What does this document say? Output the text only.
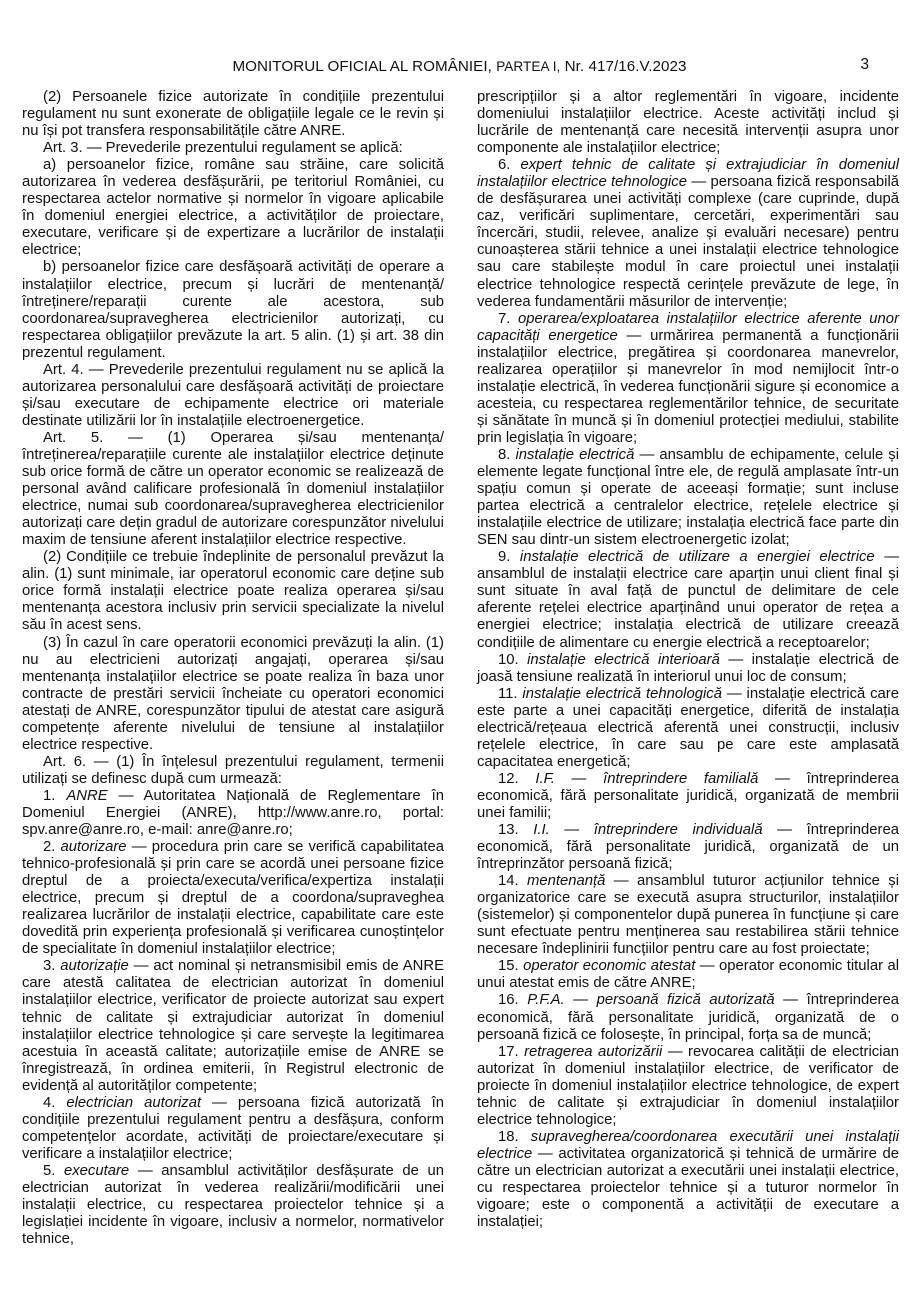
MONITORUL OFICIAL AL ROMÂNIEI, PARTEA I, Nr. 417/16.V.2023	3

(2) Persoanele fizice autorizate în condițiile prezentului regulament nu sunt exonerate de obligațiile legale ce le revin și nu își pot transfera responsabilitățile către ANRE.

Art. 3. — Prevederile prezentului regulament se aplică:

a) persoanelor fizice, române sau străine, care solicită autorizarea în vederea desfășurării, pe teritoriul României, cu respectarea actelor normative și normelor în vigoare aplicabile în domeniul energiei electrice, a activităților de proiectare, executare, verificare și de expertizare a lucrărilor de instalații electrice;

b) persoanelor fizice care desfășoară activități de operare a instalațiilor electrice, precum și lucrări de mentenanță/întreținere/reparații curente ale acestora, sub coordonarea/supravegherea electricienilor autorizați, cu respectarea obligațiilor prevăzute la art. 5 alin. (1) și art. 38 din prezentul regulament.

Art. 4. — Prevederile prezentului regulament nu se aplică la autorizarea personalului care desfășoară activități de proiectare și/sau executare de echipamente electrice ori materiale destinate utilizării lor în instalațiile electroenergetice.

Art. 5. — (1) Operarea și/sau mentenanța/întreținerea/reparațiile curente ale instalațiilor electrice deținute sub orice formă de către un operator economic se realizează de personal având calificare profesională în domeniul instalațiilor electrice, numai sub coordonarea/supravegherea electricienilor autorizați care dețin gradul de autorizare corespunzător nivelului maxim de tensiune aferent instalațiilor electrice respective.

(2) Condițiile ce trebuie îndeplinite de personalul prevăzut la alin. (1) sunt minimale, iar operatorul economic care deține sub orice formă instalații electrice poate realiza operarea și/sau mentenanța acestora inclusiv prin servicii specializate la nivelul său în acest sens.

(3) În cazul în care operatorii economici prevăzuți la alin. (1) nu au electricieni autorizați angajați, operarea și/sau mentenanța instalațiilor electrice se poate realiza în baza unor contracte de prestări servicii încheiate cu operatori economici atestați de ANRE, corespunzător tipului de atestat care asigură competențe aferente nivelului de tensiune al instalațiilor electrice respective.

Art. 6. — (1) În înțelesul prezentului regulament, termenii utilizați se definesc după cum urmează:

1. ANRE — Autoritatea Națională de Reglementare în Domeniul Energiei (ANRE), http://www.anre.ro, portal: spv.anre@anre.ro, e-mail: anre@anre.ro;

2. autorizare — procedura prin care se verifică capabilitatea tehnico-profesională și prin care se acordă unei persoane fizice dreptul de a proiecta/executa/verifica/expertiza instalații electrice, precum și dreptul de a coordona/supraveghea realizarea lucrărilor de instalații electrice, capabilitate care este dovedită prin experiența profesională și verificarea cunoștințelor de specialitate în domeniul instalațiilor electrice;

3. autorizație — act nominal și netransmisibil emis de ANRE care atestă calitatea de electrician autorizat în domeniul instalațiilor electrice, verificator de proiecte autorizat sau expert tehnic de calitate și extrajudiciar autorizat în domeniul instalațiilor electrice tehnologice și care servește la legitimarea acestuia în această calitate; autorizațiile emise de ANRE se înregistrează, în ordinea emiterii, în Registrul electronic de evidență al autorităților competente;

4. electrician autorizat — persoana fizică autorizată în condițiile prezentului regulament pentru a desfășura, conform competențelor acordate, activități de proiectare/executare și verificare a instalațiilor electrice;

5. executare — ansamblul activităților desfășurate de un electrician autorizat în vederea realizării/modificării unei instalații electrice, cu respectarea proiectelor tehnice și a legislației incidente în vigoare, inclusiv a normelor, normativelor tehnice,

prescripțiilor și a altor reglementări în vigoare, incidente domeniului instalațiilor electrice. Aceste activități includ și lucrările de mentenanță care necesită intervenții asupra unor componente ale instalațiilor electrice;

6. expert tehnic de calitate și extrajudiciar în domeniul instalațiilor electrice tehnologice — persoana fizică responsabilă de desfășurarea unei activități complexe (care cuprinde, după caz, verificări suplimentare, cercetări, experimentări sau încercări, studii, relevee, analize și evaluări necesare) pentru cunoașterea stării tehnice a unei instalații electrice tehnologice sau care stabilește modul în care proiectul unei instalații electrice tehnologice respectă cerințele prevăzute de lege, în vederea fundamentării măsurilor de intervenție;

7. operarea/exploatarea instalațiilor electrice aferente unor capacități energetice — urmărirea permanentă a funcționării instalațiilor electrice, pregătirea și coordonarea manevrelor, realizarea operațiilor și manevrelor în mod nemijlocit într-o instalație electrică, în vederea funcționării sigure și economice a acesteia, cu respectarea reglementărilor tehnice, de securitate și sănătate în muncă și în domeniul protecției mediului, stabilite prin legislația în vigoare;

8. instalație electrică — ansamblu de echipamente, celule și elemente legate funcțional între ele, de regulă amplasate într-un spațiu comun și operate de aceeași formație; sunt incluse partea electrică a centralelor electrice, rețelele electrice și instalațiile electrice de utilizare; instalația electrică face parte din SEN sau dintr-un sistem electroenergetic izolat;

9. instalație electrică de utilizare a energiei electrice — ansamblul de instalații electrice care aparțin unui client final și sunt situate în aval față de punctul de delimitare de cele aferente rețelei electrice aparținând unui operator de rețea a energiei electrice; instalația electrică de utilizare creează condițiile de alimentare cu energie electrică a receptoarelor;

10. instalație electrică interioară — instalație electrică de joasă tensiune realizată în interiorul unui loc de consum;

11. instalație electrică tehnologică — instalație electrică care este parte a unei capacități energetice, diferită de instalația electrică/rețeaua electrică aferentă unei construcții, inclusiv rețelele electrice, în care sau pe care este amplasată capacitatea energetică;

12. I.F. — întreprindere familială — întreprinderea economică, fără personalitate juridică, organizată de membrii unei familii;

13. I.I. — întreprindere individuală — întreprinderea economică, fără personalitate juridică, organizată de un întreprinzător persoană fizică;

14. mentenanță — ansamblul tuturor acțiunilor tehnice și organizatorice care se execută asupra structurilor, instalațiilor (sistemelor) și componentelor după punerea în funcțiune și care sunt efectuate pentru menținerea sau restabilirea stării tehnice necesare îndeplinirii funcțiilor pentru care au fost proiectate;

15. operator economic atestat — operator economic titular al unui atestat emis de către ANRE;

16. P.F.A. — persoană fizică autorizată — întreprinderea economică, fără personalitate juridică, organizată de o persoană fizică ce folosește, în principal, forța sa de muncă;

17. retragerea autorizării — revocarea calității de electrician autorizat în domeniul instalațiilor electrice, de verificator de proiecte în domeniul instalațiilor electrice tehnologice, de expert tehnic de calitate și extrajudiciar în domeniul instalațiilor electrice tehnologice;

18. supravegherea/coordonarea executării unei instalații electrice — activitatea organizatorică și tehnică de urmărire de către un electrician autorizat a executării unei instalații electrice, cu respectarea proiectelor tehnice și a tuturor normelor în vigoare; este o componentă a activității de executare a instalației;
